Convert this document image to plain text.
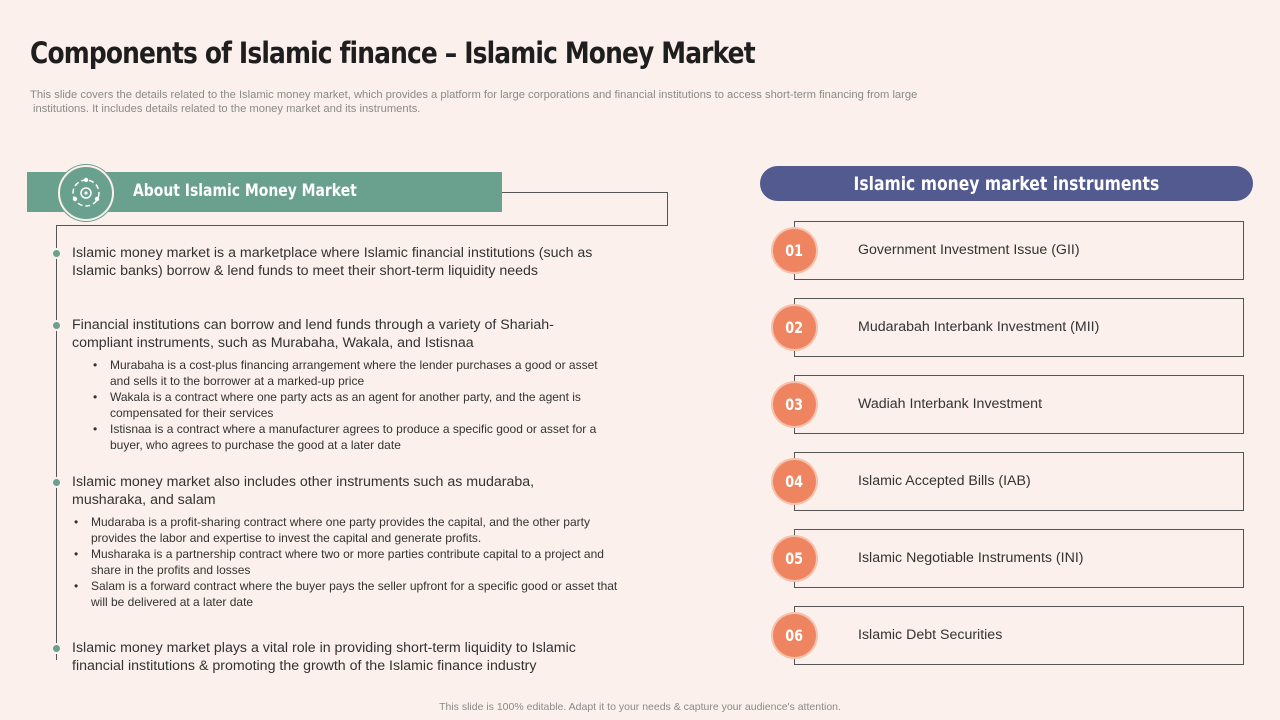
Components of Islamic finance – Islamic Money Market
This slide covers the details related to the Islamic money market, which provides a platform for large corporations and financial institutions to access short-term financing from large
institutions. It includes details related to the money market and its instruments.
About Islamic Money Market
Islamic money market is a marketplace where Islamic financial institutions (such as
Islamic banks) borrow & lend funds to meet their short-term liquidity needs
Financial institutions can borrow and lend funds through a variety of Shariah-
compliant instruments, such as Murabaha, Wakala, and Istisnaa
• Murabaha is a cost-plus financing arrangement where the lender purchases a good or asset
and sells it to the borrower at a marked-up price
• Wakala is a contract where one party acts as an agent for another party, and the agent is
compensated for their services
• Istisnaa is a contract where a manufacturer agrees to produce a specific good or asset for a
buyer, who agrees to purchase the good at a later date
Islamic money market also includes other instruments such as mudaraba,
musharaka, and salam
• Mudaraba is a profit-sharing contract where one party provides the capital, and the other party
provides the labor and expertise to invest the capital and generate profits.
• Musharaka is a partnership contract where two or more parties contribute capital to a project and
share in the profits and losses
• Salam is a forward contract where the buyer pays the seller upfront for a specific good or asset that
will be delivered at a later date
Islamic money market plays a vital role in providing short-term liquidity to Islamic
financial institutions & promoting the growth of the Islamic finance industry
Islamic money market instruments
01	Government Investment Issue (GII)
02	Mudarabah Interbank Investment (MII)
03	Wadiah Interbank Investment
04	Islamic Accepted Bills (IAB)
05	Islamic Negotiable Instruments (INI)
06	Islamic Debt Securities
This slide is 100% editable. Adapt it to your needs & capture your audience's attention.
